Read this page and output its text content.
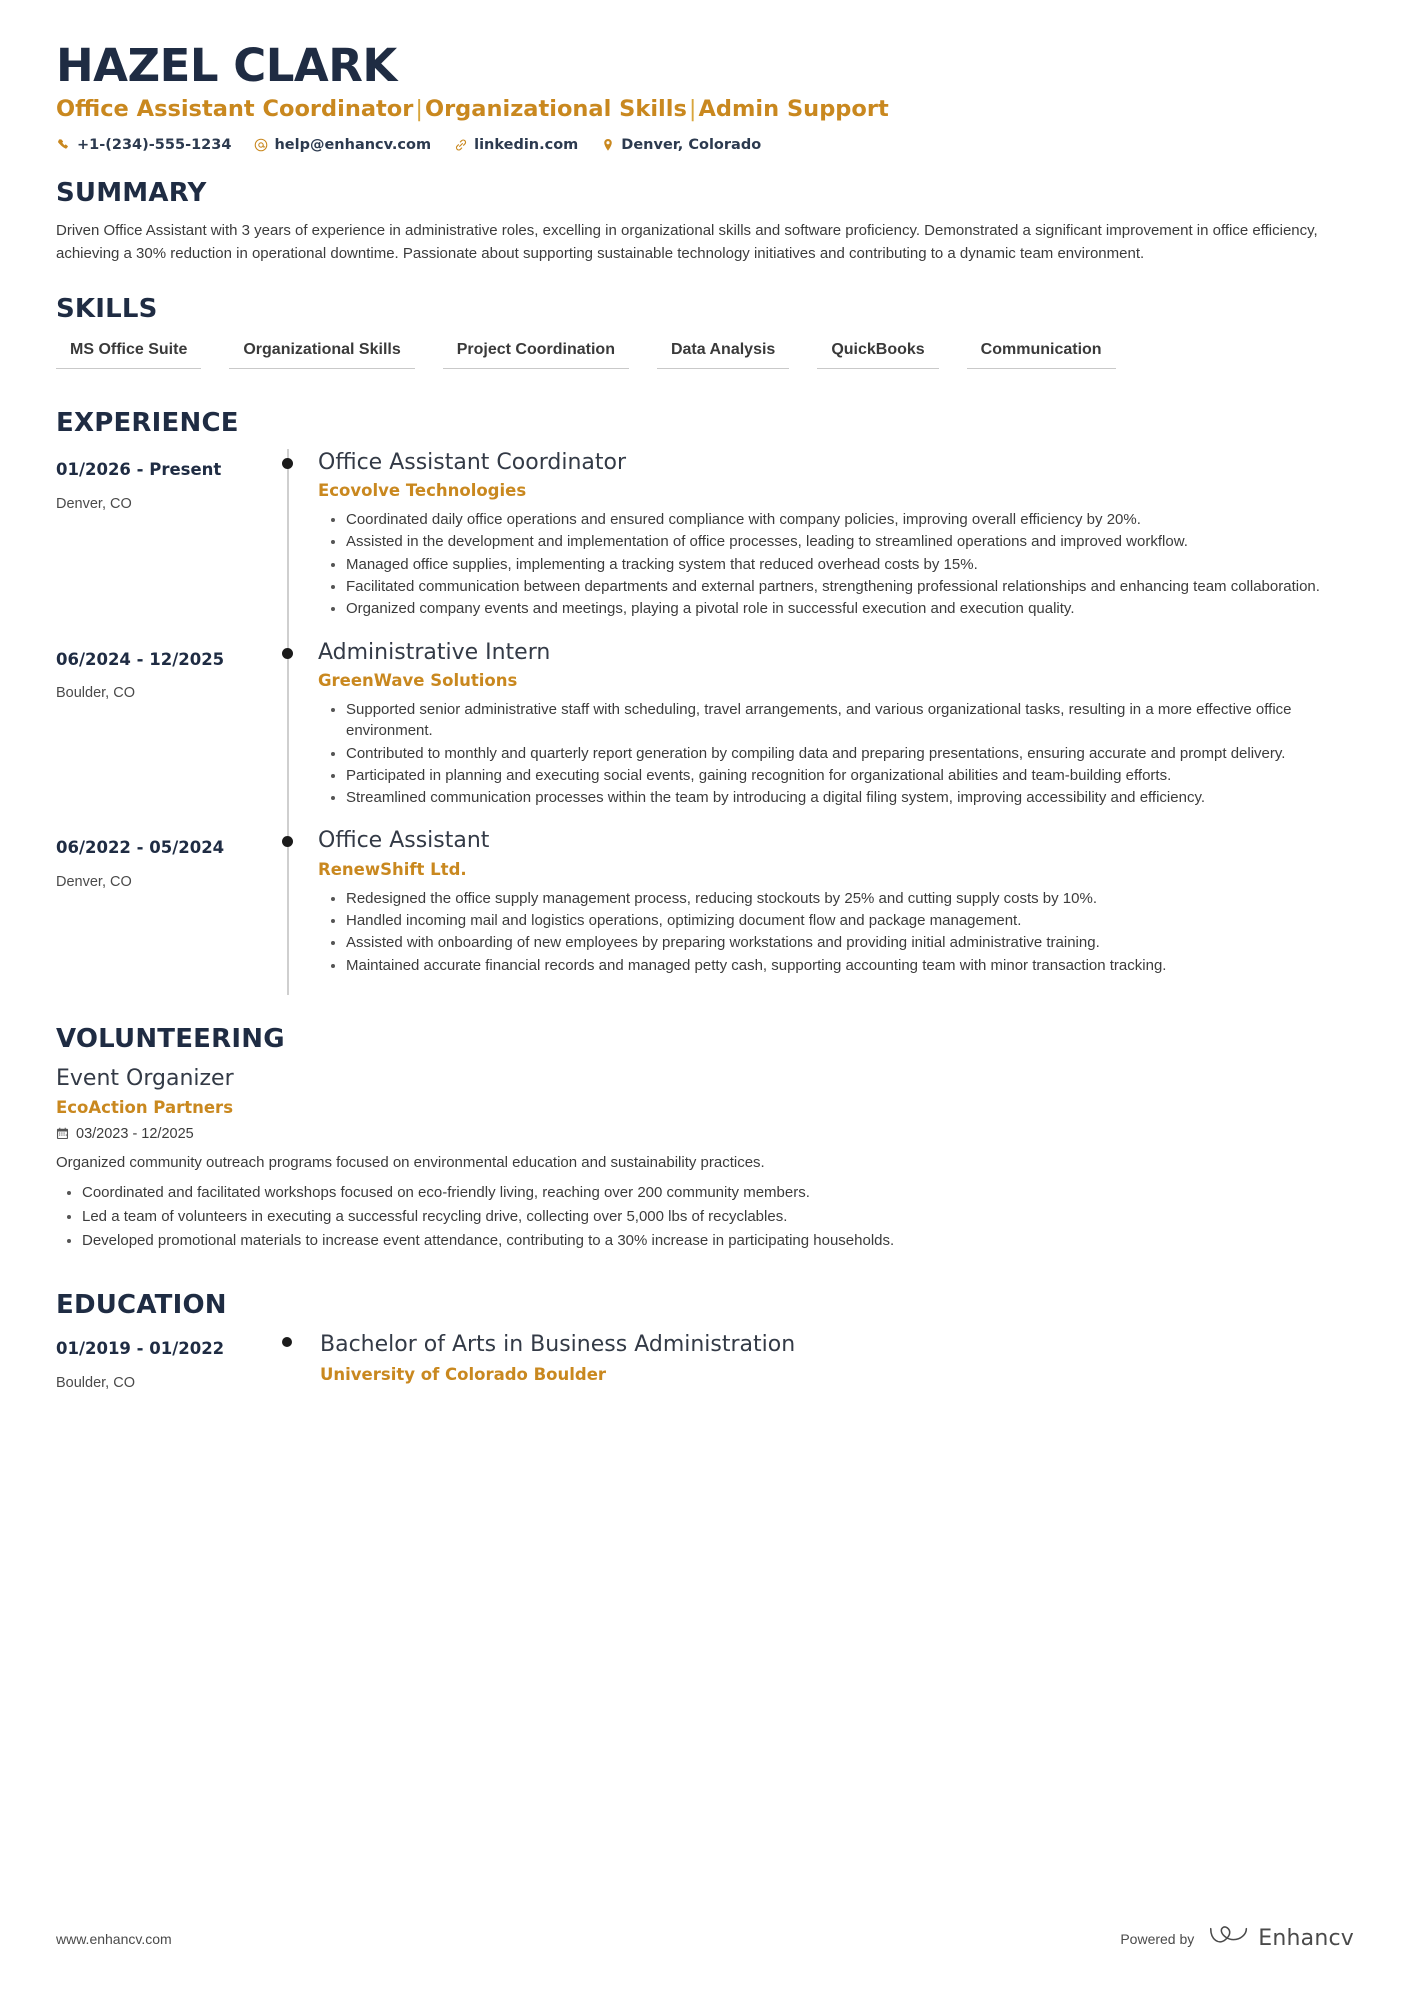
HAZEL CLARK
Office Assistant Coordinator|Organizational Skills|Admin Support
+1-(234)-555-1234	help@enhancv.com	linkedin.com	Denver, Colorado
SUMMARY

Driven Office Assistant with 3 years of experience in administrative roles, excelling in organizational skills and software proficiency. Demonstrated a significant improvement in office efficiency, achieving a 30% reduction in operational downtime. Passionate about supporting sustainable technology initiatives and contributing to a dynamic team environment.

SKILLS
MS Office Suite	Organizational Skills	Project Coordination	Data Analysis	QuickBooks	Communication
EXPERIENCE
01/2026 - Present
Denver, CO
Office Assistant Coordinator
Ecovolve Technologies
Coordinated daily office operations and ensured compliance with company policies, improving overall efficiency by 20%.
Assisted in the development and implementation of office processes, leading to streamlined operations and improved workflow.
Managed office supplies, implementing a tracking system that reduced overhead costs by 15%.
Facilitated communication between departments and external partners, strengthening professional relationships and enhancing team collaboration.
Organized company events and meetings, playing a pivotal role in successful execution and execution quality.
06/2024 - 12/2025
Boulder, CO
Administrative Intern
GreenWave Solutions
Supported senior administrative staff with scheduling, travel arrangements, and various organizational tasks, resulting in a more effective office environment.
Contributed to monthly and quarterly report generation by compiling data and preparing presentations, ensuring accurate and prompt delivery.
Participated in planning and executing social events, gaining recognition for organizational abilities and team-building efforts.
Streamlined communication processes within the team by introducing a digital filing system, improving accessibility and efficiency.
06/2022 - 05/2024
Denver, CO
Office Assistant
RenewShift Ltd.
Redesigned the office supply management process, reducing stockouts by 25% and cutting supply costs by 10%.
Handled incoming mail and logistics operations, optimizing document flow and package management.
Assisted with onboarding of new employees by preparing workstations and providing initial administrative training.
Maintained accurate financial records and managed petty cash, supporting accounting team with minor transaction tracking.
VOLUNTEERING
Event Organizer
EcoAction Partners
03/2023 - 12/2025

Organized community outreach programs focused on environmental education and sustainability practices.

Coordinated and facilitated workshops focused on eco-friendly living, reaching over 200 community members.
Led a team of volunteers in executing a successful recycling drive, collecting over 5,000 lbs of recyclables.
Developed promotional materials to increase event attendance, contributing to a 30% increase in participating households.
EDUCATION
01/2019 - 01/2022
Boulder, CO
Bachelor of Arts in Business Administration
University of Colorado Boulder
www.enhancv.com	Powered by	Enhancv
